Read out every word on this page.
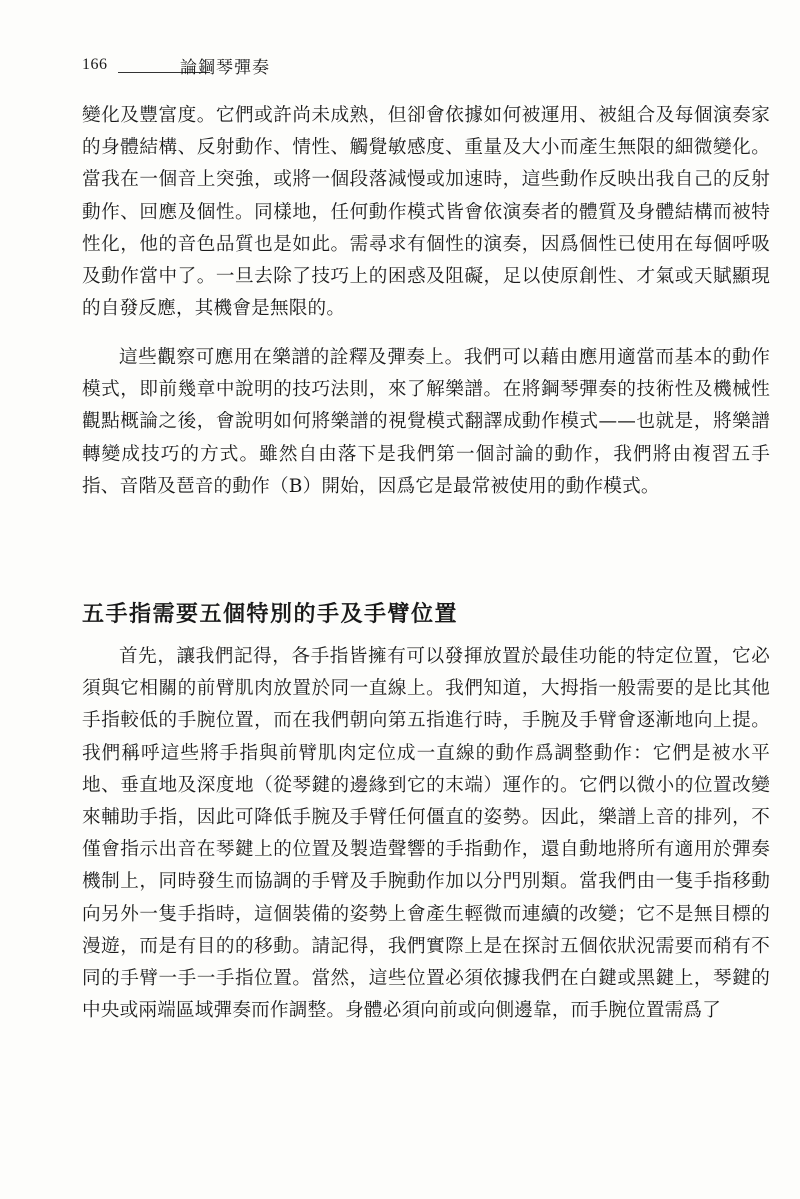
166	論鋼琴彈奏

變化及豐富度。它們或許尚未成熟，但卻會依據如何被運用、被組合及每個演奏家的身體結構、反射動作、情性、觸覺敏感度、重量及大小而產生無限的細微變化。當我在一個音上突強，或將一個段落減慢或加速時，這些動作反映出我自己的反射動作、回應及個性。同樣地，任何動作模式皆會依演奏者的體質及身體結構而被特性化，他的音色品質也是如此。需尋求有個性的演奏，因爲個性已使用在每個呼吸及動作當中了。一旦去除了技巧上的困惑及阻礙，足以使原創性、才氣或天賦顯現的自發反應，其機會是無限的。

這些觀察可應用在樂譜的詮釋及彈奏上。我們可以藉由應用適當而基本的動作模式，即前幾章中說明的技巧法則，來了解樂譜。在將鋼琴彈奏的技術性及機械性觀點概論之後，會說明如何將樂譜的視覺模式翻譯成動作模式——也就是，將樂譜轉變成技巧的方式。雖然自由落下是我們第一個討論的動作，我們將由複習五手指、音階及琶音的動作（B）開始，因爲它是最常被使用的動作模式。

五手指需要五個特別的手及手臂位置

首先，讓我們記得，各手指皆擁有可以發揮放置於最佳功能的特定位置，它必須與它相關的前臂肌肉放置於同一直線上。我們知道，大拇指一般需要的是比其他手指較低的手腕位置，而在我們朝向第五指進行時，手腕及手臂會逐漸地向上提。我們稱呼這些將手指與前臂肌肉定位成一直線的動作爲調整動作：它們是被水平地、垂直地及深度地（從琴鍵的邊緣到它的末端）運作的。它們以微小的位置改變來輔助手指，因此可降低手腕及手臂任何僵直的姿勢。因此，樂譜上音的排列，不僅會指示出音在琴鍵上的位置及製造聲響的手指動作，還自動地將所有適用於彈奏機制上，同時發生而協調的手臂及手腕動作加以分門別類。當我們由一隻手指移動向另外一隻手指時，這個裝備的姿勢上會產生輕微而連續的改變；它不是無目標的漫遊，而是有目的的移動。請記得，我們實際上是在探討五個依狀況需要而稍有不同的手臂一手一手指位置。當然，這些位置必須依據我們在白鍵或黑鍵上，琴鍵的中央或兩端區域彈奏而作調整。身體必須向前或向側邊靠，而手腕位置需爲了
